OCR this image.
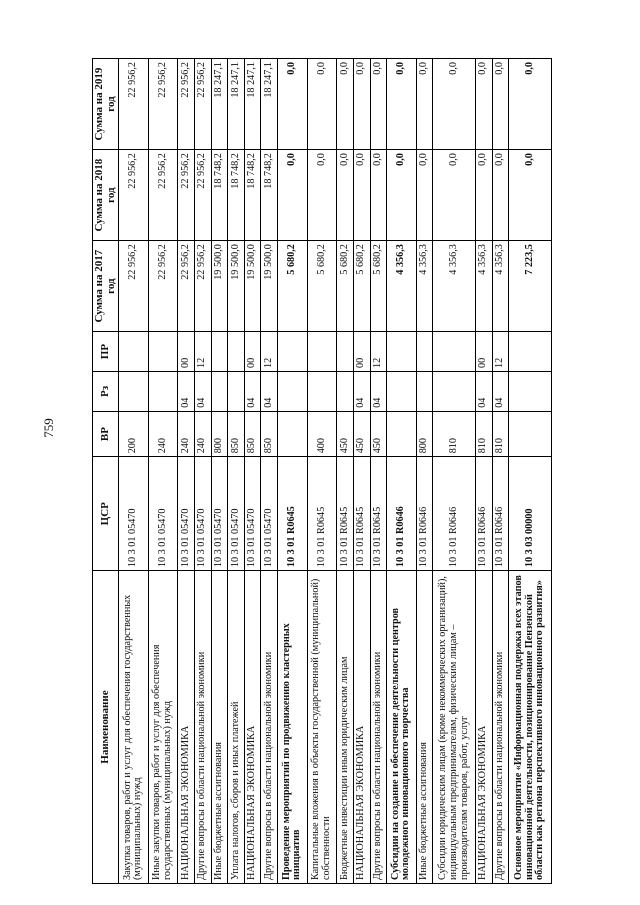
759
Наименование	ЦСР	ВР	Рз	ПР	Сумма на 2017 год	Сумма на 2018 год	Сумма на 2019 год
Закупка товаров, работ и услуг для обеспечения государственных (муниципальных) нужд	10 3 01 05470	200			22 956,2	22 956,2	22 956,2
Иные закупки товаров, работ и услуг для обеспечения государственных (муниципальных) нужд	10 3 01 05470	240			22 956,2	22 956,2	22 956,2
НАЦИОНАЛЬНАЯ ЭКОНОМИКА	10 3 01 05470	240	04	00	22 956,2	22 956,2	22 956,2
Другие вопросы в области национальной экономики	10 3 01 05470	240	04	12	22 956,2	22 956,2	22 956,2
Иные бюджетные ассигнования	10 3 01 05470	800			19 500,0	18 748,2	18 247,1
Уплата налогов, сборов и иных платежей	10 3 01 05470	850			19 500,0	18 748,2	18 247,1
НАЦИОНАЛЬНАЯ ЭКОНОМИКА	10 3 01 05470	850	04	00	19 500,0	18 748,2	18 247,1
Другие вопросы в области национальной экономики	10 3 01 05470	850	04	12	19 500,0	18 748,2	18 247,1
Проведение мероприятий по продвижению кластерных инициатив	10 3 01 R0645				5 680,2	0,0	0,0
Капитальные вложения в объекты государственной (муниципальной) собственности	10 3 01 R0645	400			5 680,2	0,0	0,0
Бюджетные инвестиции иным юридическим лицам	10 3 01 R0645	450			5 680,2	0,0	0,0
НАЦИОНАЛЬНАЯ ЭКОНОМИКА	10 3 01 R0645	450	04	00	5 680,2	0,0	0,0
Другие вопросы в области национальной экономики	10 3 01 R0645	450	04	12	5 680,2	0,0	0,0
Субсидии на создание и обеспечение деятельности центров молодежного инновационного творчества	10 3 01 R0646				4 356,3	0,0	0,0
Иные бюджетные ассигнования	10 3 01 R0646	800			4 356,3	0,0	0,0
Субсидии юридическим лицам (кроме некоммерческих организаций), индивидуальным предпринимателям, физическим лицам – производителям товаров, работ, услуг	10 3 01 R0646	810			4 356,3	0,0	0,0
НАЦИОНАЛЬНАЯ ЭКОНОМИКА	10 3 01 R0646	810	04	00	4 356,3	0,0	0,0
Другие вопросы в области национальной экономики	10 3 01 R0646	810	04	12	4 356,3	0,0	0,0
Основное мероприятие «Информационная поддержка всех этапов инновационной деятельности, позиционирование Пензенской области как региона перспективного инновационного развития»	10 3 03 00000				7 223,5	0,0	0,0
